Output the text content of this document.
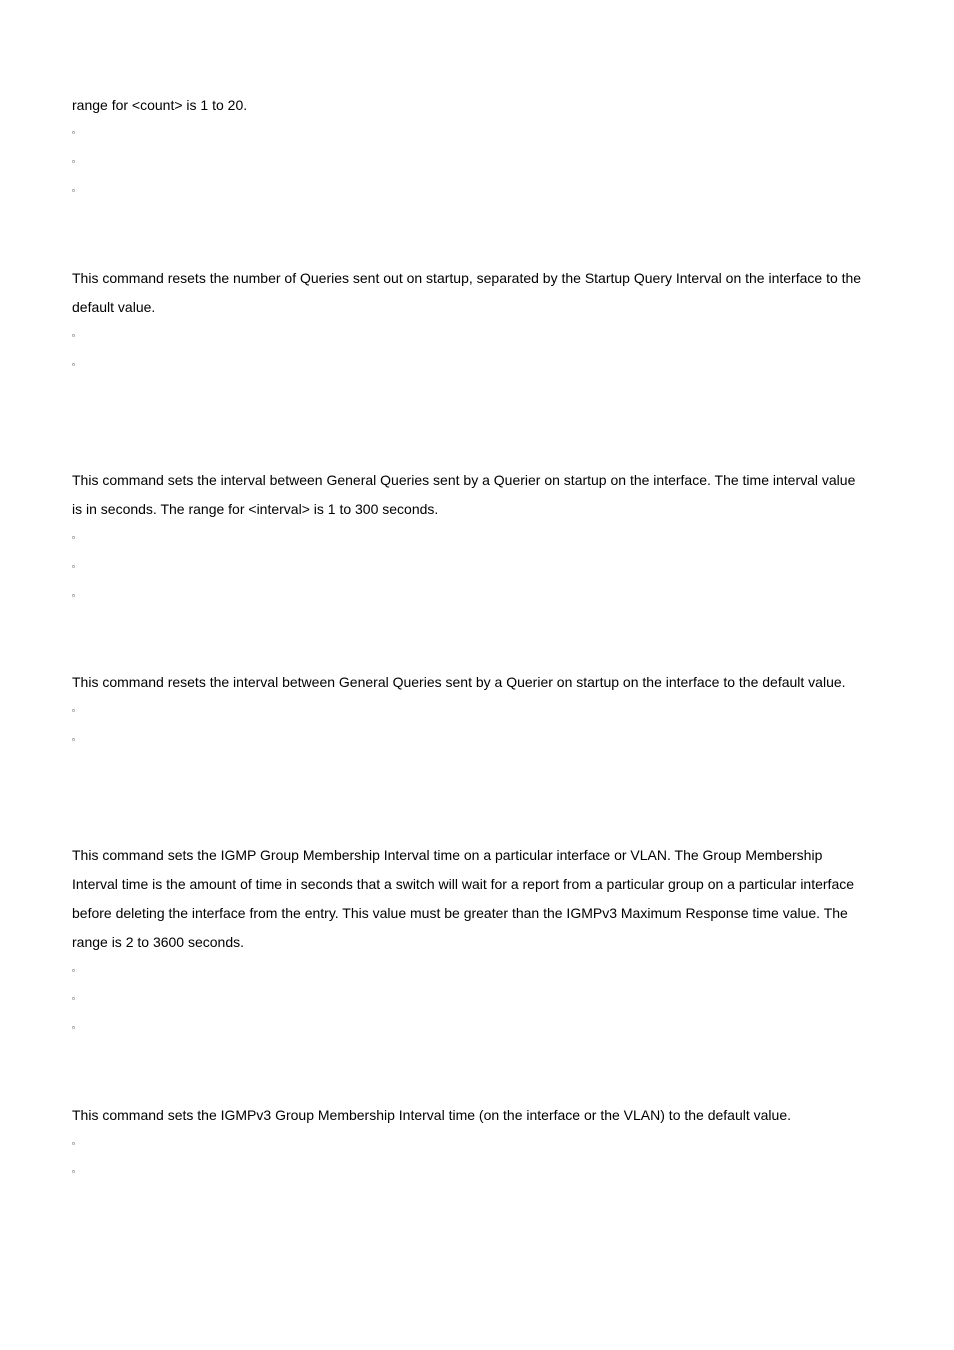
range for <count> is 1 to 20.
▫
▫
▫
This command resets the number of Queries sent out on startup, separated by the Startup Query Interval on the interface to the
default value.
▫
▫
This command sets the interval between General Queries sent by a Querier on startup on the interface. The time interval value
is in seconds. The range for <interval> is 1 to 300 seconds.
▫
▫
▫
This command resets the interval between General Queries sent by a Querier on startup on the interface to the default value.
▫
▫
This command sets the IGMP Group Membership Interval time on a particular interface or VLAN. The Group Membership
Interval time is the amount of time in seconds that a switch will wait for a report from a particular group on a particular interface
before deleting the interface from the entry. This value must be greater than the IGMPv3 Maximum Response time value. The
range is 2 to 3600 seconds.
▫
▫
▫
This command sets the IGMPv3 Group Membership Interval time (on the interface or the VLAN) to the default value.
▫
▫
